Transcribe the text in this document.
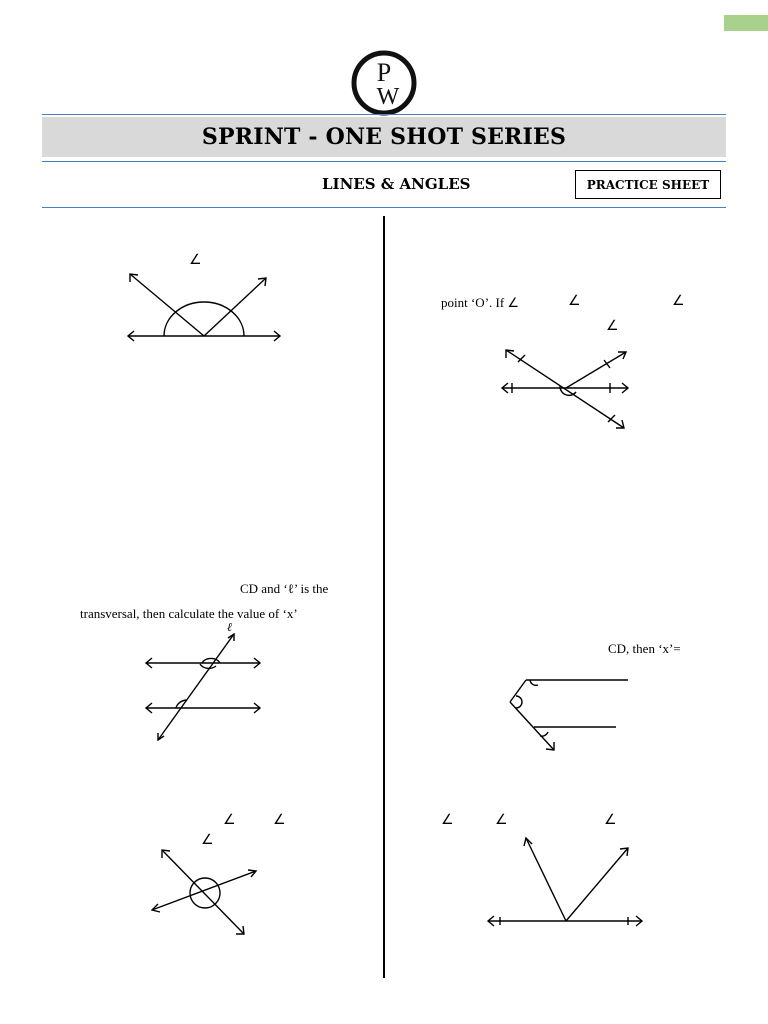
P
W
SPRINT - ONE SHOT SERIES
LINES & ANGLES	PRACTICE SHEET
∠
point ‘O’. If ∠	∠	∠
∠
CD and ‘ℓ’ is the
transversal, then calculate the value of ‘x’
ℓ
CD, then ‘x’=
∠	∠
∠
∠	∠	∠
